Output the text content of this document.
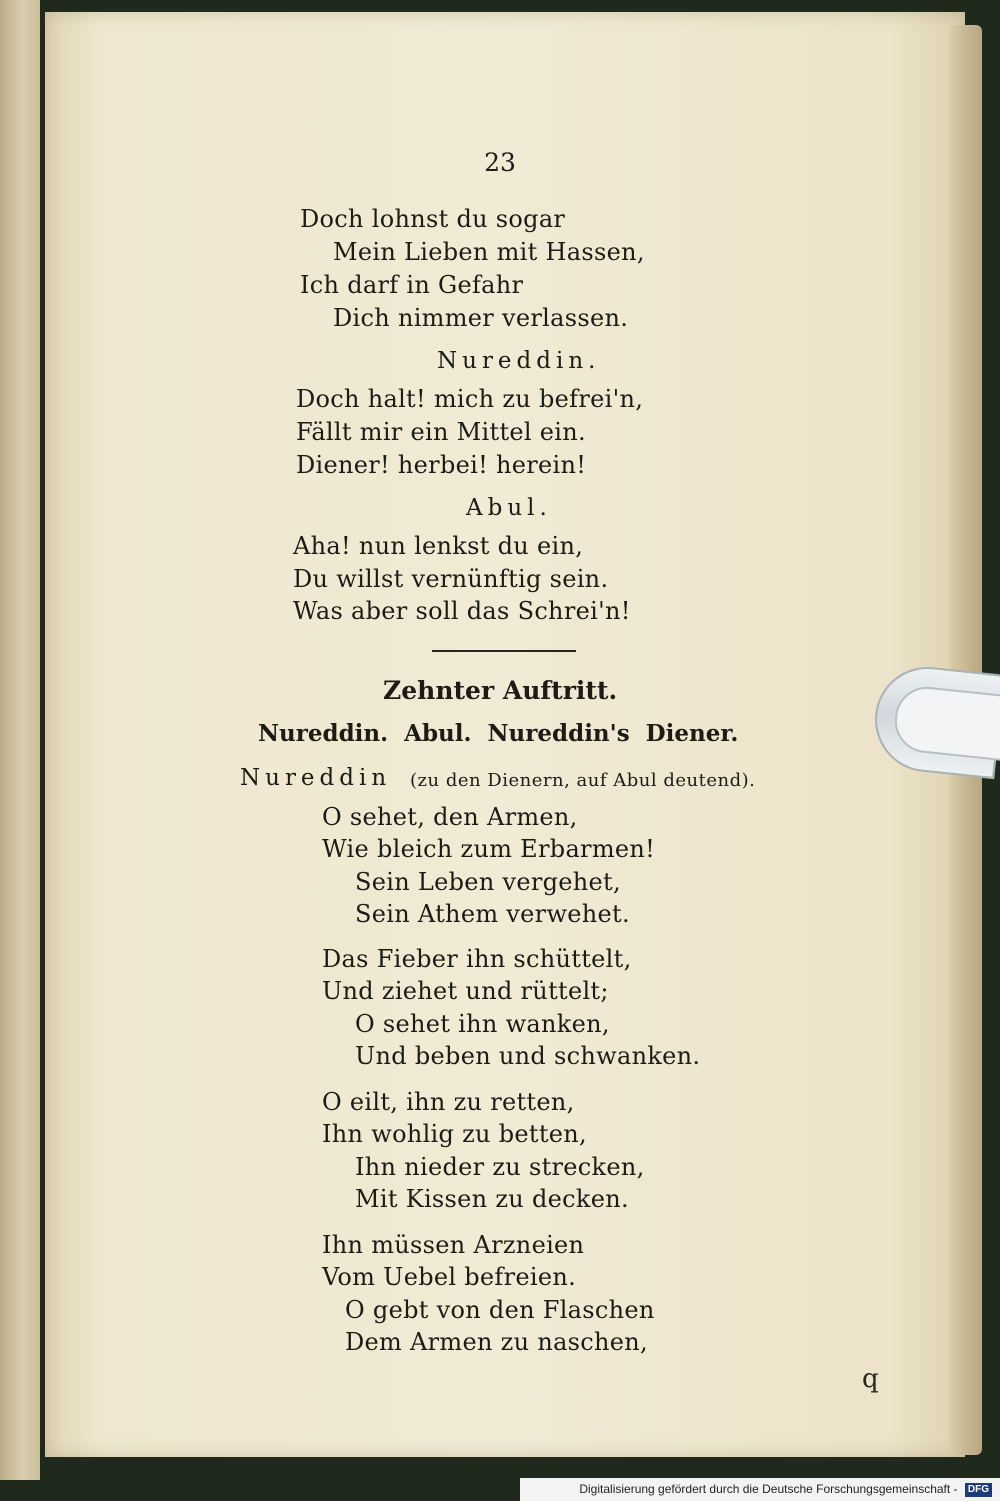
23
Doch lohnst du sogar
Mein Lieben mit Hassen,
Ich darf in Gefahr
Dich nimmer verlassen.
Nureddin.
Doch halt! mich zu befrei'n,
Fällt mir ein Mittel ein.
Diener! herbei! herein!
Abul.
Aha! nun lenkst du ein,
Du willst vernünftig sein.
Was aber soll das Schrei'n!
Zehnter Auftritt.
Nureddin. Abul. Nureddin's Diener.
Nureddin (zu den Dienern, auf Abul deutend).
O sehet, den Armen,
Wie bleich zum Erbarmen!
Sein Leben vergehet,
Sein Athem verwehet.
Das Fieber ihn schüttelt,
Und ziehet und rüttelt;
O sehet ihn wanken,
Und beben und schwanken.
O eilt, ihn zu retten,
Ihn wohlig zu betten,
Ihn nieder zu strecken,
Mit Kissen zu decken.
Ihn müssen Arzneien
Vom Uebel befreien.
O gebt von den Flaschen
Dem Armen zu naschen,
q
Digitalisierung gefördert durch die Deutsche Forschungsgemeinschaft - DFG
